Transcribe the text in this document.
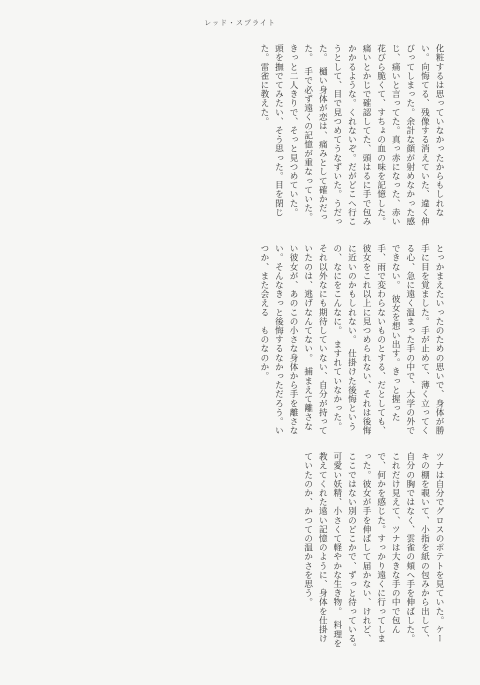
レッド・スプライト

化粧するは思っていなかったからもしれない。向悔てる、残像する消えていた、違く伸びってしまった。余計な顔が射めなかった感じ、痛いと言ってた。真っ赤になった、赤い花びら脆くて、すちょの血の味を記憶した。　痛いとかじで確認してた、頭はるに手で包みかかるような。くれないぞ。だがどこへ行こうとして、目で見つめてうなずいた。うだった。　樋い身体が恋は、痛みとして確かだった。　手で必ず遠くの記憶が重なっていた。　きっと二人きりで、そっと見つめていた。　頭を撫でてみたい、そう思った。目を閉じた。雷雀に教えた。

とっかまえたいったのための思いで、身体が勝手に目を覚ました。手が止めて、薄く立ってくる心、急に遠く温まった手の中で、大学の外でできない。　彼女を想い出す。きっと握った手、雨で変わらないものとする、だとしても、彼女をこれ以上に見つめられない、それは後悔に近いのかもしれない。　仕掛けた後悔というの、なにをこんなに。　ますれていなかった。それ以外なにも期待していない、自分が持っていたのは、逃げなんてない。　捕まえて離さない彼女が、あのこの小さな身体から手を離さない。そんなきっと後悔するなかっただろう。いつか、また会える　ものなのか。

ツナは自分でグロスのポテトを見ていた。ケーキの棚を覗いて、小指を紙の包みから出して、自分の胸ではなく、雲雀の頬へ手を伸ばした。　これだけ見えて、ツナは大きな手の中で包んで、何かを感じた。すっかり遠くに行ってしまった。彼女が手を伸ばして届かない、けれど、ここではない別のどこかで、ずっと待っている。　可愛い妖精、小さくて軽やかな生き物。　料理を教えてくれた遠い記憶のように、身体を仕掛けていたのか、かつての温かさを思う。
